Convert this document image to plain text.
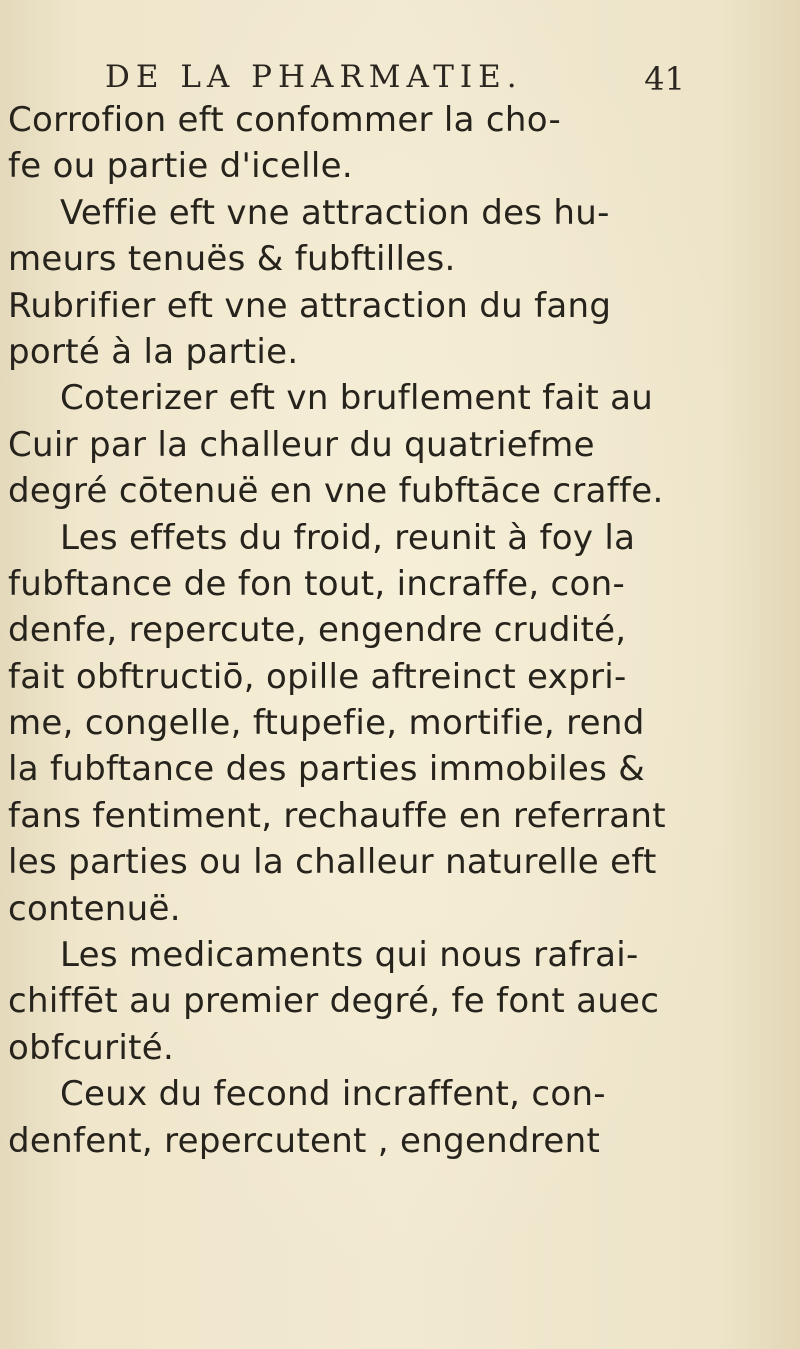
DE LA PHARMATIE.	41
Corrofion eft confommer la cho-
fe ou partie d'icelle.
Veffie eft vne attraction des hu-
meurs tenuës & fubftilles.
Rubrifier eft vne attraction du fang
porté à la partie.
Coterizer eft vn bruflement fait au
Cuir par la challeur du quatriefme
degré cōtenuë en vne fubftāce craffe.
Les effets du froid, reunit à foy la
fubftance de fon tout, incraffe, con-
denfe, repercute, engendre crudité,
fait obftructiō, opille aftreinct expri-
me, congelle, ftupefie, mortifie, rend
la fubftance des parties immobiles &
fans fentiment, rechauffe en referrant
les parties ou la challeur naturelle eft
contenuë.
Les medicaments qui nous rafrai-
chiffēt au premier degré, fe font auec
obfcurité.
Ceux du fecond incraffent, con-
denfent, repercutent , engendrent
